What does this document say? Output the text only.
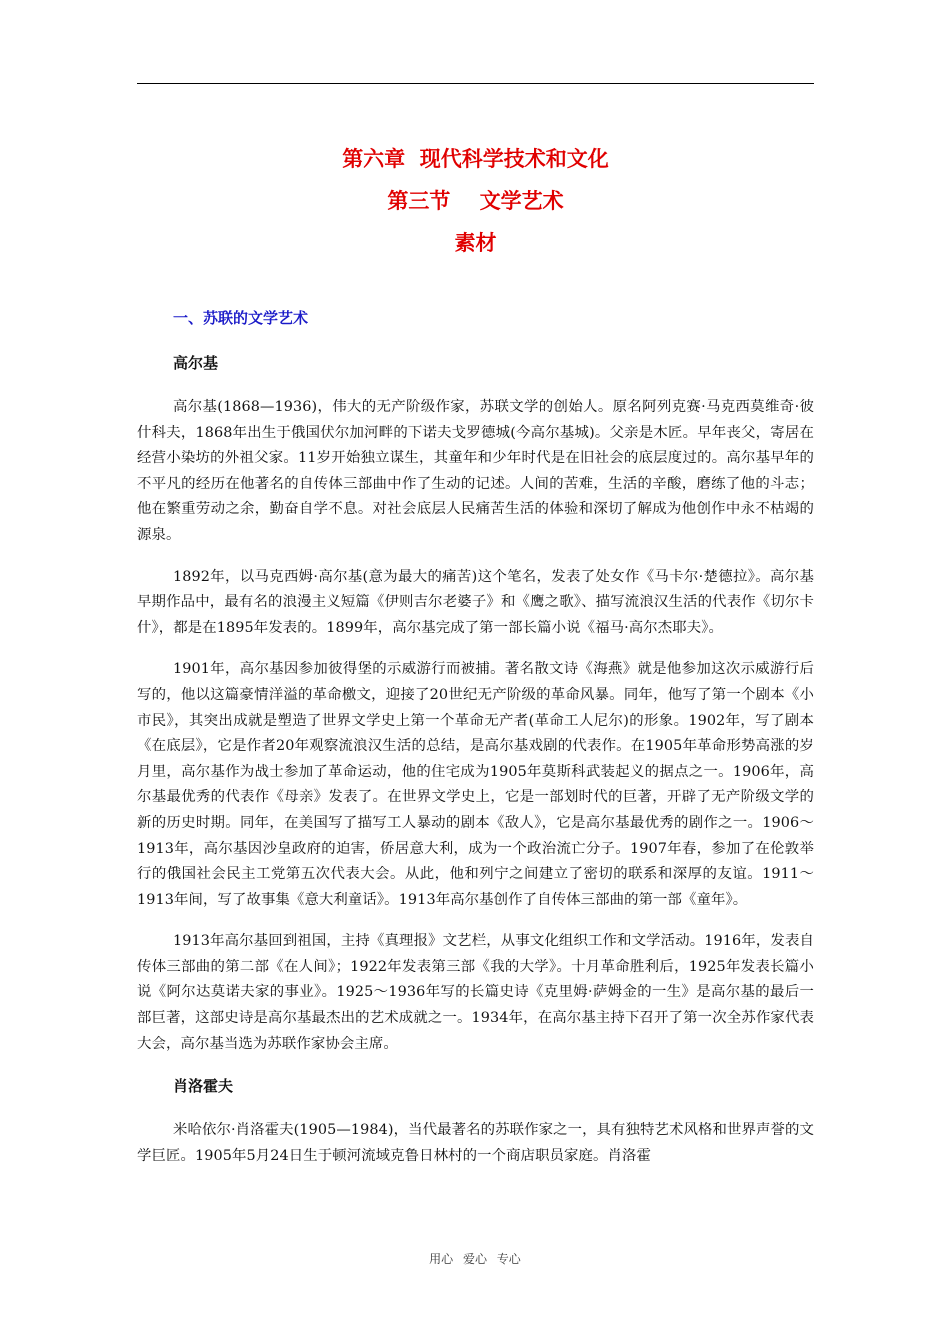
第六章  现代科学技术和文化
第三节    文学艺术
素材
一、苏联的文学艺术
高尔基

高尔基(1868—1936)，伟大的无产阶级作家，苏联文学的创始人。原名阿列克赛·马克西莫维奇·彼什科夫，1868年出生于俄国伏尔加河畔的下诺夫戈罗德城(今高尔基城)。父亲是木匠。早年丧父，寄居在经营小染坊的外祖父家。11岁开始独立谋生，其童年和少年时代是在旧社会的底层度过的。高尔基早年的不平凡的经历在他著名的自传体三部曲中作了生动的记述。人间的苦难，生活的辛酸，磨练了他的斗志；他在繁重劳动之余，勤奋自学不息。对社会底层人民痛苦生活的体验和深切了解成为他创作中永不枯竭的源泉。

1892年，以马克西姆·高尔基(意为最大的痛苦)这个笔名，发表了处女作《马卡尔·楚德拉》。高尔基早期作品中，最有名的浪漫主义短篇《伊则吉尔老婆子》和《鹰之歌》、描写流浪汉生活的代表作《切尔卡什》，都是在1895年发表的。1899年，高尔基完成了第一部长篇小说《福马·高尔杰耶夫》。

1901年，高尔基因参加彼得堡的示威游行而被捕。著名散文诗《海燕》就是他参加这次示威游行后写的，他以这篇豪情洋溢的革命檄文，迎接了20世纪无产阶级的革命风暴。同年，他写了第一个剧本《小市民》，其突出成就是塑造了世界文学史上第一个革命无产者(革命工人尼尔)的形象。1902年，写了剧本《在底层》，它是作者20年观察流浪汉生活的总结，是高尔基戏剧的代表作。在1905年革命形势高涨的岁月里，高尔基作为战士参加了革命运动，他的住宅成为1905年莫斯科武装起义的据点之一。1906年，高尔基最优秀的代表作《母亲》发表了。在世界文学史上，它是一部划时代的巨著，开辟了无产阶级文学的新的历史时期。同年，在美国写了描写工人暴动的剧本《敌人》，它是高尔基最优秀的剧作之一。1906～1913年，高尔基因沙皇政府的迫害，侨居意大利，成为一个政治流亡分子。1907年春，参加了在伦敦举行的俄国社会民主工党第五次代表大会。从此，他和列宁之间建立了密切的联系和深厚的友谊。1911～1913年间，写了故事集《意大利童话》。1913年高尔基创作了自传体三部曲的第一部《童年》。

1913年高尔基回到祖国，主持《真理报》文艺栏，从事文化组织工作和文学活动。1916年，发表自传体三部曲的第二部《在人间》；1922年发表第三部《我的大学》。十月革命胜利后，1925年发表长篇小说《阿尔达莫诺夫家的事业》。1925～1936年写的长篇史诗《克里姆·萨姆金的一生》是高尔基的最后一部巨著，这部史诗是高尔基最杰出的艺术成就之一。1934年，在高尔基主持下召开了第一次全苏作家代表大会，高尔基当选为苏联作家协会主席。

肖洛霍夫

米哈依尔·肖洛霍夫(1905—1984)，当代最著名的苏联作家之一，具有独特艺术风格和世界声誉的文学巨匠。1905年5月24日生于顿河流域克鲁日林村的一个商店职员家庭。肖洛霍

用心 爱心 专心
